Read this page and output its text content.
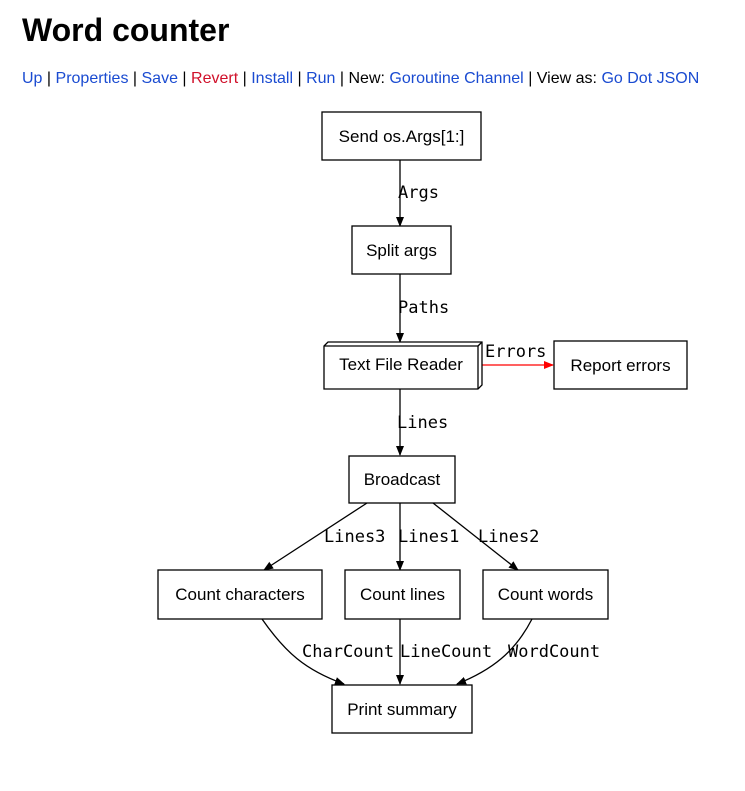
Word counter
Up | Properties | Save | Revert | Install | Run | New: Goroutine Channel | View as: Go Dot JSON
Args
Paths
Errors
Lines
Lines3 Lines1 Lines2
CharCount LineCount WordCount
Send os.Args[1:]
Split args
Text File Reader	Report errors
Broadcast
Count characters	Count lines	Count words
Print summary
